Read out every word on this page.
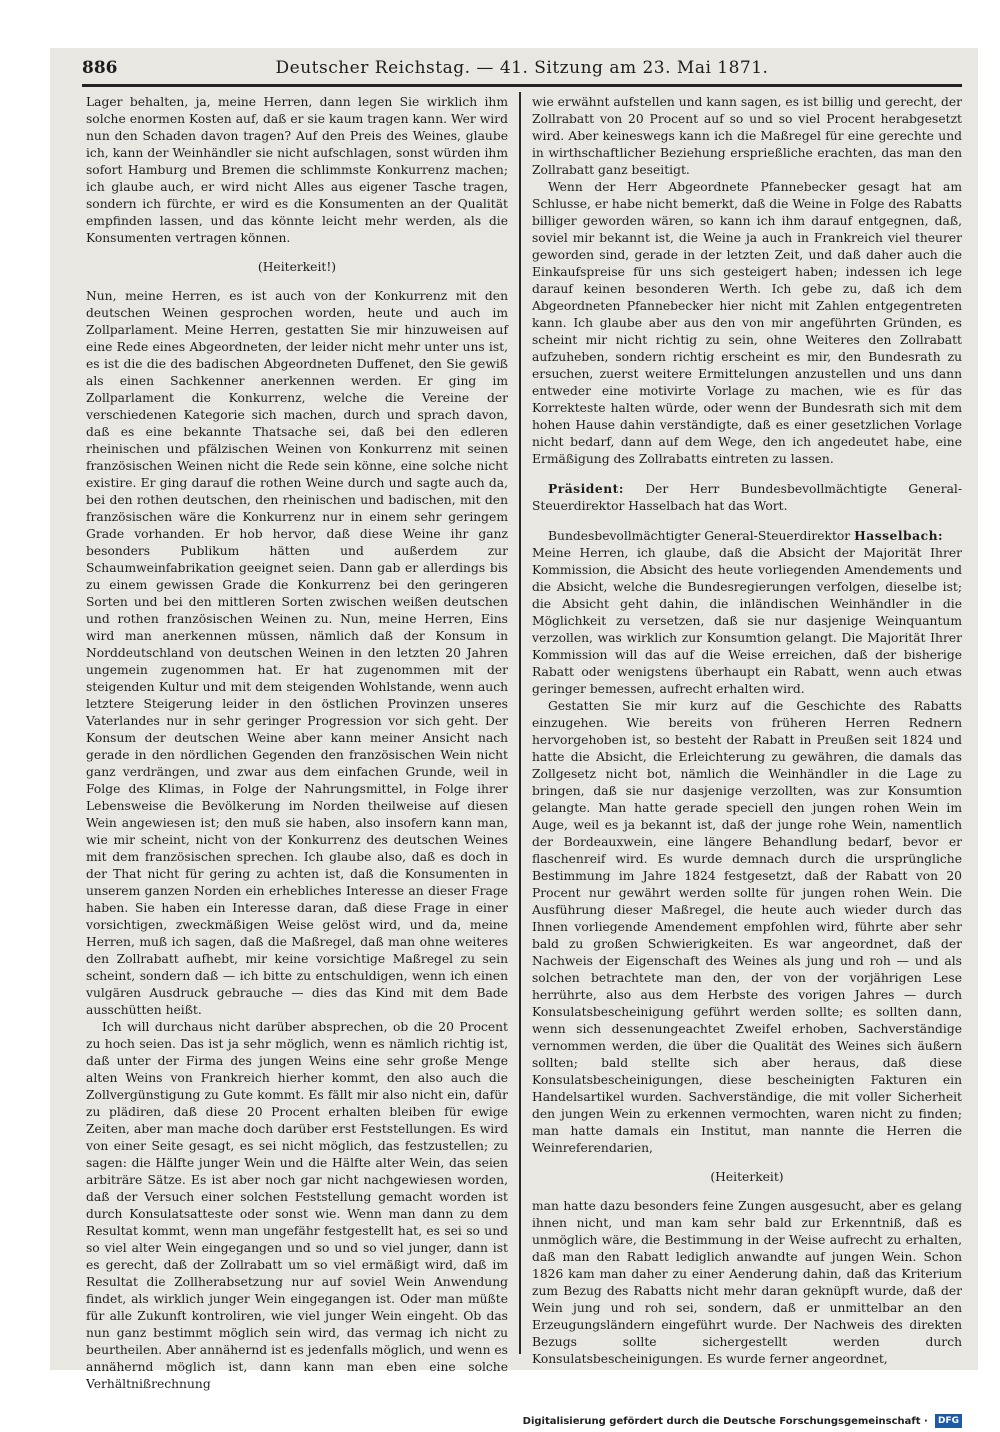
886	Deutscher Reichstag. — 41. Sitzung am 23. Mai 1871.

Lager behalten, ja, meine Herren, dann legen Sie wirklich ihm solche enormen Kosten auf, daß er sie kaum tragen kann. Wer wird nun den Schaden davon tragen? Auf den Preis des Weines, glaube ich, kann der Weinhändler sie nicht aufschlagen, sonst würden ihm sofort Hamburg und Bremen die schlimmste Konkurrenz machen; ich glaube auch, er wird nicht Alles aus eigener Tasche tragen, sondern ich fürchte, er wird es die Konsumenten an der Qualität empfinden lassen, und das könnte leicht mehr werden, als die Konsumenten vertragen können.

(Heiterkeit!)

Nun, meine Herren, es ist auch von der Konkurrenz mit den deutschen Weinen gesprochen worden, heute und auch im Zollparlament. Meine Herren, gestatten Sie mir hinzuweisen auf eine Rede eines Abgeordneten, der leider nicht mehr unter uns ist, es ist die die des badischen Abgeordneten Duffenet, den Sie gewiß als einen Sachkenner anerkennen werden. Er ging im Zollparlament die Konkurrenz, welche die Vereine der verschiedenen Kategorie sich machen, durch und sprach davon, daß es eine bekannte Thatsache sei, daß bei den edleren rheinischen und pfälzischen Weinen von Konkurrenz mit seinen französischen Weinen nicht die Rede sein könne, eine solche nicht existire. Er ging darauf die rothen Weine durch und sagte auch da, bei den rothen deutschen, den rheinischen und badischen, mit den französischen wäre die Konkurrenz nur in einem sehr geringem Grade vorhanden. Er hob hervor, daß diese Weine ihr ganz besonders Publikum hätten und außerdem zur Schaumweinfabrikation geeignet seien. Dann gab er allerdings bis zu einem gewissen Grade die Konkurrenz bei den geringeren Sorten und bei den mittleren Sorten zwischen weißen deutschen und rothen französischen Weinen zu. Nun, meine Herren, Eins wird man anerkennen müssen, nämlich daß der Konsum in Norddeutschland von deutschen Weinen in den letzten 20 Jahren ungemein zugenommen hat. Er hat zugenommen mit der steigenden Kultur und mit dem steigenden Wohlstande, wenn auch letztere Steigerung leider in den östlichen Provinzen unseres Vaterlandes nur in sehr geringer Progression vor sich geht. Der Konsum der deutschen Weine aber kann meiner Ansicht nach gerade in den nördlichen Gegenden den französischen Wein nicht ganz verdrängen, und zwar aus dem einfachen Grunde, weil in Folge des Klimas, in Folge der Nahrungsmittel, in Folge ihrer Lebensweise die Bevölkerung im Norden theilweise auf diesen Wein angewiesen ist; den muß sie haben, also insofern kann man, wie mir scheint, nicht von der Konkurrenz des deutschen Weines mit dem französischen sprechen. Ich glaube also, daß es doch in der That nicht für gering zu achten ist, daß die Konsumenten in unserem ganzen Norden ein erhebliches Interesse an dieser Frage haben. Sie haben ein Interesse daran, daß diese Frage in einer vorsichtigen, zweckmäßigen Weise gelöst wird, und da, meine Herren, muß ich sagen, daß die Maßregel, daß man ohne weiteres den Zollrabatt aufhebt, mir keine vorsichtige Maßregel zu sein scheint, sondern daß — ich bitte zu entschuldigen, wenn ich einen vulgären Ausdruck gebrauche — dies das Kind mit dem Bade ausschütten heißt.

Ich will durchaus nicht darüber absprechen, ob die 20 Procent zu hoch seien. Das ist ja sehr möglich, wenn es nämlich richtig ist, daß unter der Firma des jungen Weins eine sehr große Menge alten Weins von Frankreich hierher kommt, den also auch die Zollvergünstigung zu Gute kommt. Es fällt mir also nicht ein, dafür zu plädiren, daß diese 20 Procent erhalten bleiben für ewige Zeiten, aber man mache doch darüber erst Feststellungen. Es wird von einer Seite gesagt, es sei nicht möglich, das festzustellen; zu sagen: die Hälfte junger Wein und die Hälfte alter Wein, das seien arbiträre Sätze. Es ist aber noch gar nicht nachgewiesen worden, daß der Versuch einer solchen Feststellung gemacht worden ist durch Konsulatsatteste oder sonst wie. Wenn man dann zu dem Resultat kommt, wenn man ungefähr festgestellt hat, es sei so und so viel alter Wein eingegangen und so und so viel junger, dann ist es gerecht, daß der Zollrabatt um so viel ermäßigt wird, daß im Resultat die Zollherabsetzung nur auf soviel Wein Anwendung findet, als wirklich junger Wein eingegangen ist. Oder man müßte für alle Zukunft kontroliren, wie viel junger Wein eingeht. Ob das nun ganz bestimmt möglich sein wird, das vermag ich nicht zu beurtheilen. Aber annähernd ist es jedenfalls möglich, und wenn es annähernd möglich ist, dann kann man eben eine solche Verhältnißrechnung

wie erwähnt aufstellen und kann sagen, es ist billig und gerecht, der Zollrabatt von 20 Procent auf so und so viel Procent herabgesetzt wird. Aber keineswegs kann ich die Maßregel für eine gerechte und in wirthschaftlicher Beziehung ersprießliche erachten, das man den Zollrabatt ganz beseitigt.

Wenn der Herr Abgeordnete Pfannebecker gesagt hat am Schlusse, er habe nicht bemerkt, daß die Weine in Folge des Rabatts billiger geworden wären, so kann ich ihm darauf entgegnen, daß, soviel mir bekannt ist, die Weine ja auch in Frankreich viel theurer geworden sind, gerade in der letzten Zeit, und daß daher auch die Einkaufspreise für uns sich gesteigert haben; indessen ich lege darauf keinen besonderen Werth. Ich gebe zu, daß ich dem Abgeordneten Pfannebecker hier nicht mit Zahlen entgegentreten kann. Ich glaube aber aus den von mir angeführten Gründen, es scheint mir nicht richtig zu sein, ohne Weiteres den Zollrabatt aufzuheben, sondern richtig erscheint es mir, den Bundesrath zu ersuchen, zuerst weitere Ermittelungen anzustellen und uns dann entweder eine motivirte Vorlage zu machen, wie es für das Korrekteste halten würde, oder wenn der Bundesrath sich mit dem hohen Hause dahin verständigte, daß es einer gesetzlichen Vorlage nicht bedarf, dann auf dem Wege, den ich angedeutet habe, eine Ermäßigung des Zollrabatts eintreten zu lassen.

Präsident: Der Herr Bundesbevollmächtigte General-Steuerdirektor Hasselbach hat das Wort.

Bundesbevollmächtigter General-Steuerdirektor Hasselbach:

Meine Herren, ich glaube, daß die Absicht der Majorität Ihrer Kommission, die Absicht des heute vorliegenden Amendements und die Absicht, welche die Bundesregierungen verfolgen, dieselbe ist; die Absicht geht dahin, die inländischen Weinhändler in die Möglichkeit zu versetzen, daß sie nur dasjenige Weinquantum verzollen, was wirklich zur Konsumtion gelangt. Die Majorität Ihrer Kommission will das auf die Weise erreichen, daß der bisherige Rabatt oder wenigstens überhaupt ein Rabatt, wenn auch etwas geringer bemessen, aufrecht erhalten wird.

Gestatten Sie mir kurz auf die Geschichte des Rabatts einzugehen. Wie bereits von früheren Herren Rednern hervorgehoben ist, so besteht der Rabatt in Preußen seit 1824 und hatte die Absicht, die Erleichterung zu gewähren, die damals das Zollgesetz nicht bot, nämlich die Weinhändler in die Lage zu bringen, daß sie nur dasjenige verzollten, was zur Konsumtion gelangte. Man hatte gerade speciell den jungen rohen Wein im Auge, weil es ja bekannt ist, daß der junge rohe Wein, namentlich der Bordeauxwein, eine längere Behandlung bedarf, bevor er flaschenreif wird. Es wurde demnach durch die ursprüngliche Bestimmung im Jahre 1824 festgesetzt, daß der Rabatt von 20 Procent nur gewährt werden sollte für jungen rohen Wein. Die Ausführung dieser Maßregel, die heute auch wieder durch das Ihnen vorliegende Amendement empfohlen wird, führte aber sehr bald zu großen Schwierigkeiten. Es war angeordnet, daß der Nachweis der Eigenschaft des Weines als jung und roh — und als solchen betrachtete man den, der von der vorjährigen Lese herrührte, also aus dem Herbste des vorigen Jahres — durch Konsulatsbescheinigung geführt werden sollte; es sollten dann, wenn sich dessenungeachtet Zweifel erhoben, Sachverständige vernommen werden, die über die Qualität des Weines sich äußern sollten; bald stellte sich aber heraus, daß diese Konsulatsbescheinigungen, diese bescheinigten Fakturen ein Handelsartikel wurden. Sachverständige, die mit voller Sicherheit den jungen Wein zu erkennen vermochten, waren nicht zu finden; man hatte damals ein Institut, man nannte die Herren die Weinreferendarien,

(Heiterkeit)

man hatte dazu besonders feine Zungen ausgesucht, aber es gelang ihnen nicht, und man kam sehr bald zur Erkenntniß, daß es unmöglich wäre, die Bestimmung in der Weise aufrecht zu erhalten, daß man den Rabatt lediglich anwandte auf jungen Wein. Schon 1826 kam man daher zu einer Aenderung dahin, daß das Kriterium zum Bezug des Rabatts nicht mehr daran geknüpft wurde, daß der Wein jung und roh sei, sondern, daß er unmittelbar an den Erzeugungsländern eingeführt wurde. Der Nachweis des direkten Bezugs sollte sichergestellt werden durch Konsulatsbescheinigungen. Es wurde ferner angeordnet,

Digitalisierung gefördert durch die Deutsche Forschungsgemeinschaft · DFG
